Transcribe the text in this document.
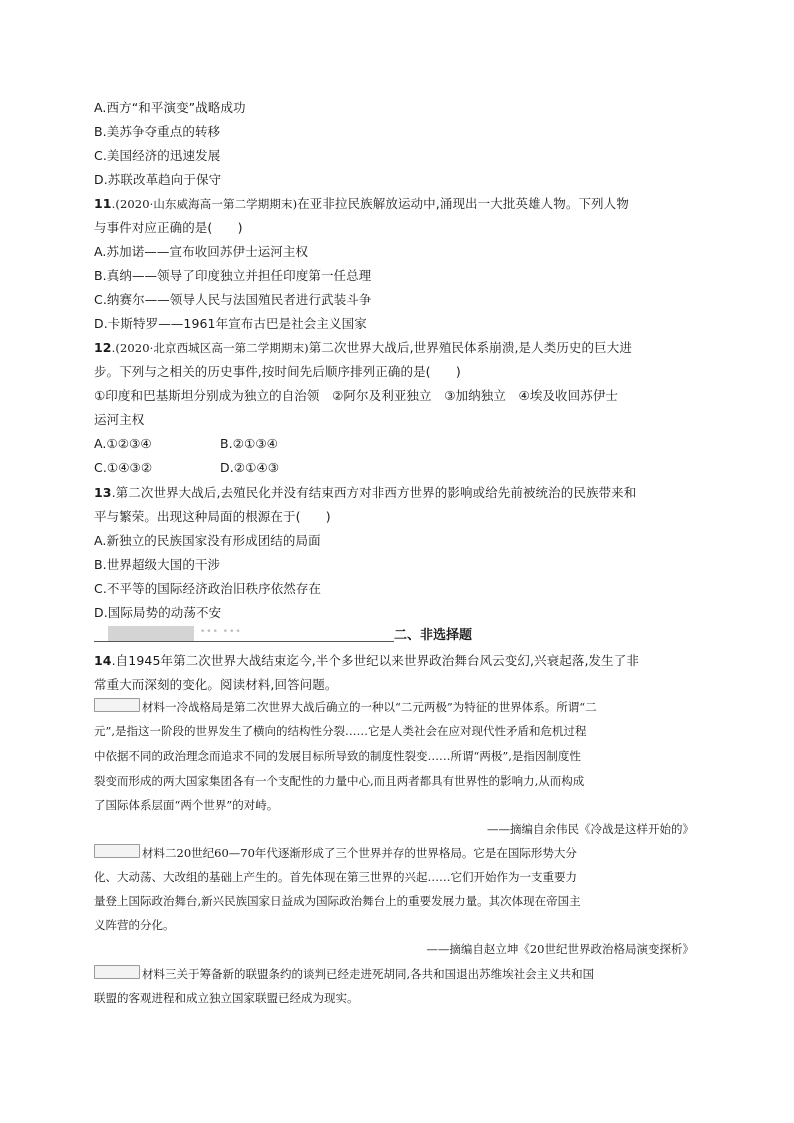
A.西方“和平演变”战略成功
B.美苏争夺重点的转移
C.美国经济的迅速发展
D.苏联改革趋向于保守
11.(2020·山东威海高一第二学期期末)在亚非拉民族解放运动中,涌现出一大批英雄人物。下列人物
与事件对应正确的是(　　)
A.苏加诺——宣布收回苏伊士运河主权
B.真纳——领导了印度独立并担任印度第一任总理
C.纳赛尔——领导人民与法国殖民者进行武装斗争
D.卡斯特罗——1961年宣布古巴是社会主义国家
12.(2020·北京西城区高一第二学期期末)第二次世界大战后,世界殖民体系崩溃,是人类历史的巨大进
步。下列与之相关的历史事件,按时间先后顺序排列正确的是(　　)
①印度和巴基斯坦分别成为独立的自治领　②阿尔及利亚独立　③加纳独立　④埃及收回苏伊士
运河主权
A.①②③④	B.②①③④
C.①④③②	D.②①④③
13.第二次世界大战后,去殖民化并没有结束西方对非西方世界的影响或给先前被统治的民族带来和
平与繁荣。出现这种局面的根源在于(　　)
A.新独立的民族国家没有形成团结的局面
B.世界超级大国的干涉
C.不平等的国际经济政治旧秩序依然存在
D.国际局势的动荡不安
••• •••	二、非选择题
14.自1945年第二次世界大战结束迄今,半个多世纪以来世界政治舞台风云变幻,兴衰起落,发生了非
常重大而深刻的变化。阅读材料,回答问题。
材料一冷战格局是第二次世界大战后确立的一种以“二元两极”为特征的世界体系。所谓“二
元”,是指这一阶段的世界发生了横向的结构性分裂……它是人类社会在应对现代性矛盾和危机过程
中依据不同的政治理念而追求不同的发展目标所导致的制度性裂变……所谓“两极”,是指因制度性
裂变而形成的两大国家集团各有一个支配性的力量中心,而且两者都具有世界性的影响力,从而构成
了国际体系层面“两个世界”的对峙。
——摘编自余伟民《冷战是这样开始的》
材料二20世纪60—70年代逐渐形成了三个世界并存的世界格局。它是在国际形势大分
化、大动荡、大改组的基础上产生的。首先体现在第三世界的兴起……它们开始作为一支重要力
量登上国际政治舞台,新兴民族国家日益成为国际政治舞台上的重要发展力量。其次体现在帝国主
义阵营的分化。
——摘编自赵立坤《20世纪世界政治格局演变探析》
材料三关于筹备新的联盟条约的谈判已经走进死胡同,各共和国退出苏维埃社会主义共和国
联盟的客观进程和成立独立国家联盟已经成为现实。
